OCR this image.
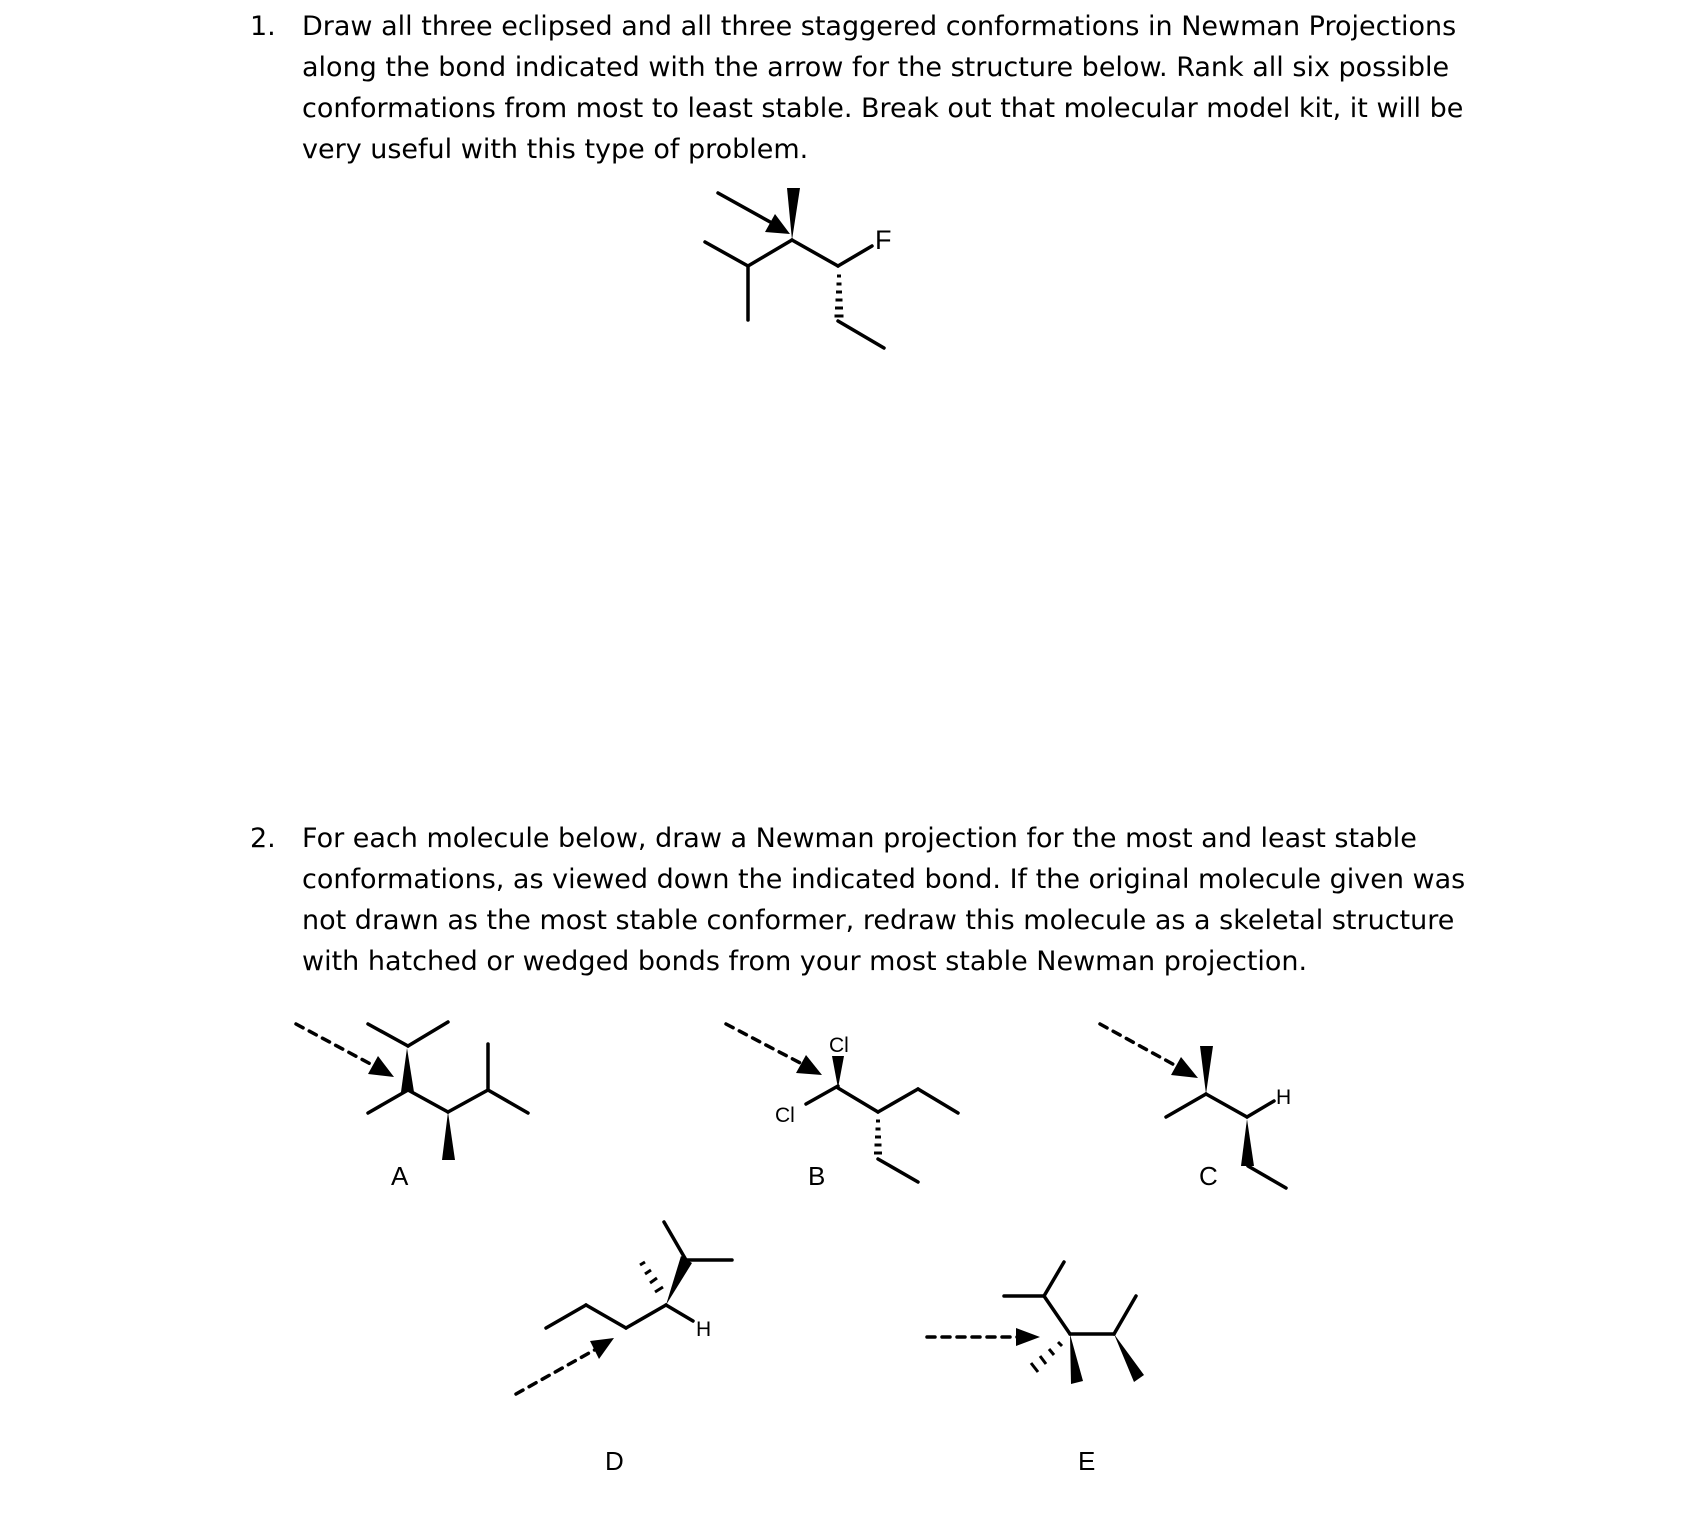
1. Draw all three eclipsed and all three staggered conformations in Newman Projections
along the bond indicated with the arrow for the structure below. Rank all six possible
conformations from most to least stable. Break out that molecular model kit, it will be
very useful with this type of problem.
2. For each molecule below, draw a Newman projection for the most and least stable
conformations, as viewed down the indicated bond. If the original molecule given was
not drawn as the most stable conformer, redraw this molecule as a skeletal structure
with hatched or wedged bonds from your most stable Newman projection.
F
A
Cl
Cl
B
H
C
H
D	E
